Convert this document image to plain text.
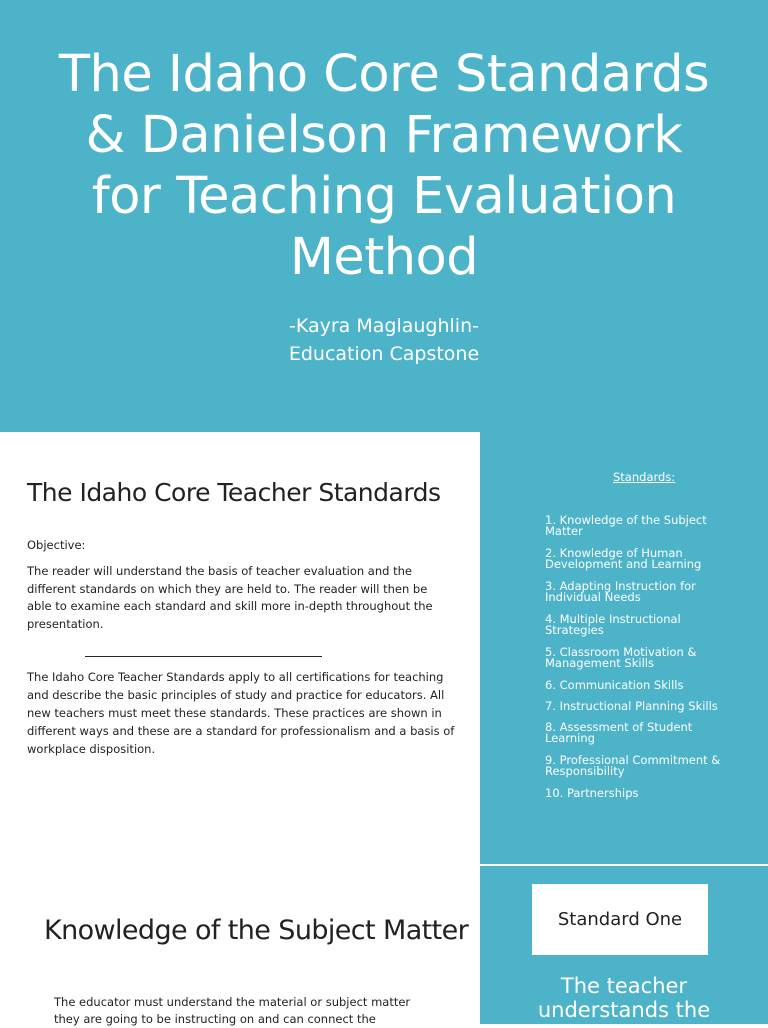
The Idaho Core Standards
& Danielson Framework
for Teaching Evaluation
Method
-Kayra Maglaughlin-
Education Capstone
The Idaho Core Teacher Standards
Objective:

The reader will understand the basis of teacher evaluation and the different standards on which they are held to. The reader will then be able to examine each standard and skill more in-depth throughout the presentation.

The Idaho Core Teacher Standards apply to all certifications for teaching and describe the basic principles of study and practice for educators. All new teachers must meet these standards. These practices are shown in different ways and these are a standard for professionalism and a basis of workplace disposition.

Standards:
1. Knowledge of the Subject Matter
2. Knowledge of Human Development and Learning
3. Adapting Instruction for Individual Needs
4. Multiple Instructional Strategies
5. Classroom Motivation & Management Skills
6. Communication Skills
7. Instructional Planning Skills
8. Assessment of Student Learning
9. Professional Commitment & Responsibility
10. Partnerships
Knowledge of the Subject Matter

The educator must understand the material or subject matter they are going to be instructing on and can connect the

Standard One
The teacher
understands the
